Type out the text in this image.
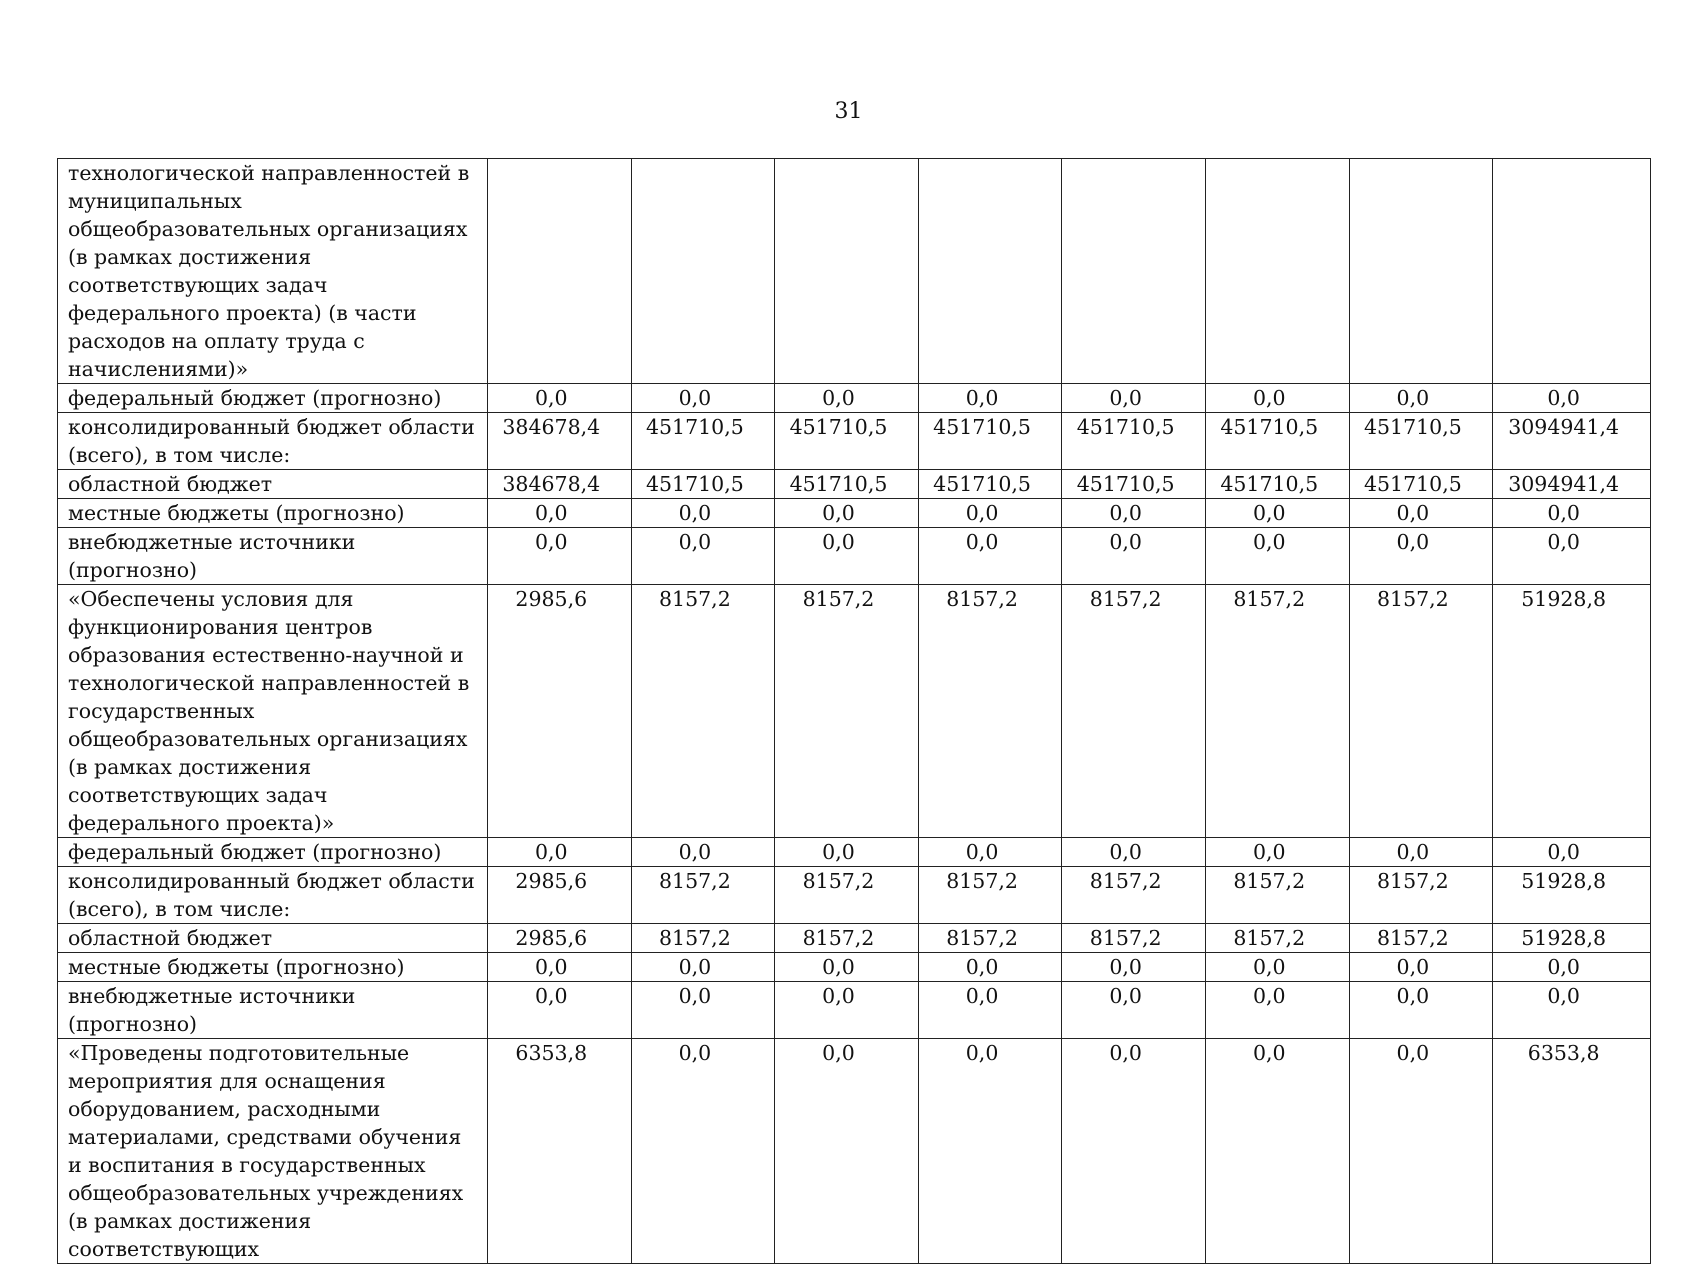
31
технологической направленностей в муниципальных общеобразовательных организациях (в рамках достижения соответствующих задач федерального проекта) (в части расходов на оплату труда с начислениями)»								
федеральный бюджет (прогнозно)	0,0	0,0	0,0	0,0	0,0	0,0	0,0	0,0
консолидированный бюджет области (всего), в том числе:	384678,4	451710,5	451710,5	451710,5	451710,5	451710,5	451710,5	3094941,4
областной бюджет	384678,4	451710,5	451710,5	451710,5	451710,5	451710,5	451710,5	3094941,4
местные бюджеты (прогнозно)	0,0	0,0	0,0	0,0	0,0	0,0	0,0	0,0
внебюджетные источники (прогнозно)	0,0	0,0	0,0	0,0	0,0	0,0	0,0	0,0
«Обеспечены условия для функционирования центров образования естественно-научной и технологической направленностей в государственных общеобразовательных организациях (в рамках достижения соответствующих задач федерального проекта)»	2985,6	8157,2	8157,2	8157,2	8157,2	8157,2	8157,2	51928,8
федеральный бюджет (прогнозно)	0,0	0,0	0,0	0,0	0,0	0,0	0,0	0,0
консолидированный бюджет области (всего), в том числе:	2985,6	8157,2	8157,2	8157,2	8157,2	8157,2	8157,2	51928,8
областной бюджет	2985,6	8157,2	8157,2	8157,2	8157,2	8157,2	8157,2	51928,8
местные бюджеты (прогнозно)	0,0	0,0	0,0	0,0	0,0	0,0	0,0	0,0
внебюджетные источники (прогнозно)	0,0	0,0	0,0	0,0	0,0	0,0	0,0	0,0
«Проведены подготовительные мероприятия для оснащения оборудованием, расходными материалами, средствами обучения и воспитания в государственных общеобразовательных учреждениях (в рамках достижения соответствующих	6353,8	0,0	0,0	0,0	0,0	0,0	0,0	6353,8
